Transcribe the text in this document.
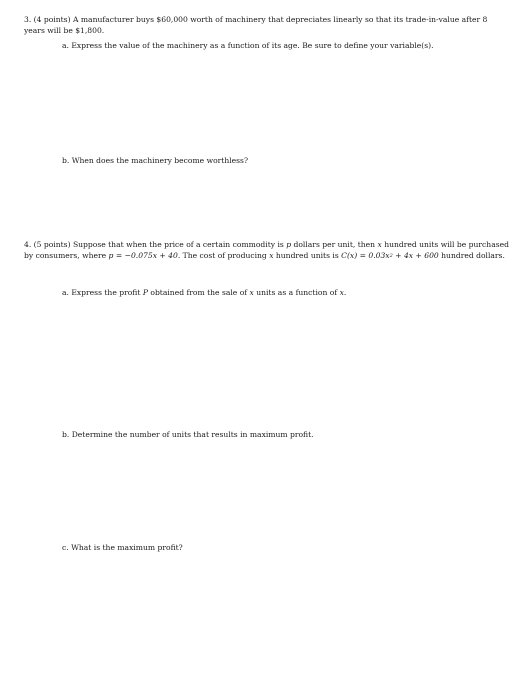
3. (4 points) A manufacturer buys $60,000 worth of machinery that depreciates linearly so that its trade-in-value after 8 years will be $1,800.

a. Express the value of the machinery as a function of its age. Be sure to define your variable(s).

b. When does the machinery become worthless?

4. (5 points) Suppose that when the price of a certain commodity is p dollars per unit, then x hundred units will be purchased by consumers, where p = −0.075x + 40. The cost of producing x hundred units is $C(x) = 0.03x^2 + 4x + 600$ hundred dollars.

a. Express the profit P obtained from the sale of x units as a function of x.

b. Determine the number of units that results in maximum profit.

c. What is the maximum profit?
